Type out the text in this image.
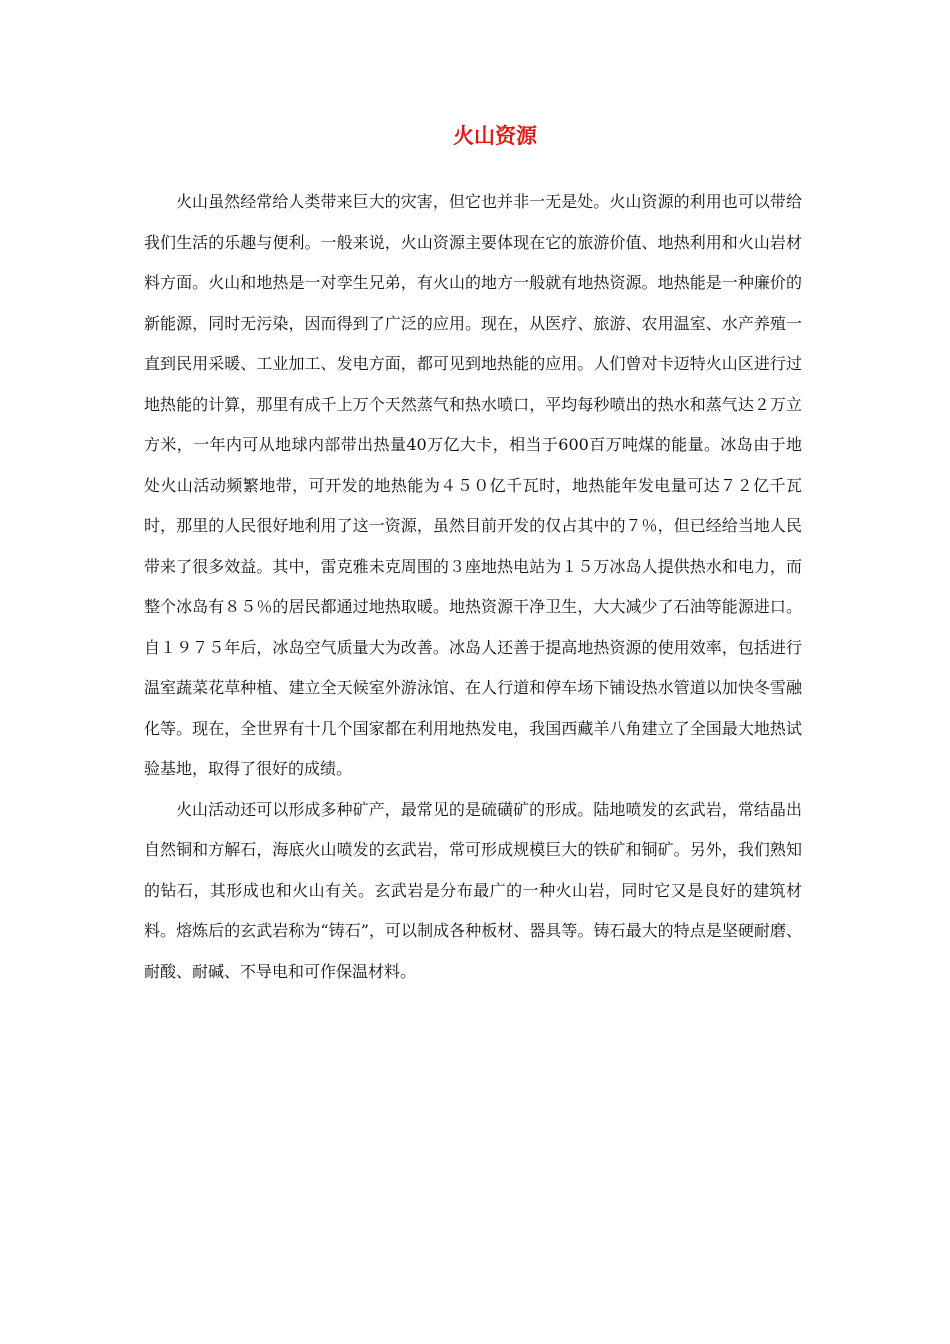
火山资源

火山虽然经常给人类带来巨大的灾害，但它也并非一无是处。火山资源的利用也可以带给我们生活的乐趣与便利。一般来说，火山资源主要体现在它的旅游价值、地热利用和火山岩材料方面。火山和地热是一对孪生兄弟，有火山的地方一般就有地热资源。地热能是一种廉价的新能源，同时无污染，因而得到了广泛的应用。现在，从医疗、旅游、农用温室、水产养殖一直到民用采暖、工业加工、发电方面，都可见到地热能的应用。人们曾对卡迈特火山区进行过地热能的计算，那里有成千上万个天然蒸气和热水喷口，平均每秒喷出的热水和蒸气达２万立方米，一年内可从地球内部带出热量40万亿大卡，相当于600百万吨煤的能量。冰岛由于地处火山活动频繁地带，可开发的地热能为４５０亿千瓦时，地热能年发电量可达７２亿千瓦时，那里的人民很好地利用了这一资源，虽然目前开发的仅占其中的７％，但已经给当地人民带来了很多效益。其中，雷克雅未克周围的３座地热电站为１５万冰岛人提供热水和电力，而整个冰岛有８５％的居民都通过地热取暖。地热资源干净卫生，大大减少了石油等能源进口。自１９７５年后，冰岛空气质量大为改善。冰岛人还善于提高地热资源的使用效率，包括进行温室蔬菜花草种植、建立全天候室外游泳馆、在人行道和停车场下铺设热水管道以加快冬雪融化等。现在，全世界有十几个国家都在利用地热发电，我国西藏羊八角建立了全国最大地热试验基地，取得了很好的成绩。

火山活动还可以形成多种矿产，最常见的是硫磺矿的形成。陆地喷发的玄武岩，常结晶出自然铜和方解石，海底火山喷发的玄武岩，常可形成规模巨大的铁矿和铜矿。另外，我们熟知的钻石，其形成也和火山有关。玄武岩是分布最广的一种火山岩，同时它又是良好的建筑材料。熔炼后的玄武岩称为“铸石”，可以制成各种板材、器具等。铸石最大的特点是坚硬耐磨、耐酸、耐碱、不导电和可作保温材料。
